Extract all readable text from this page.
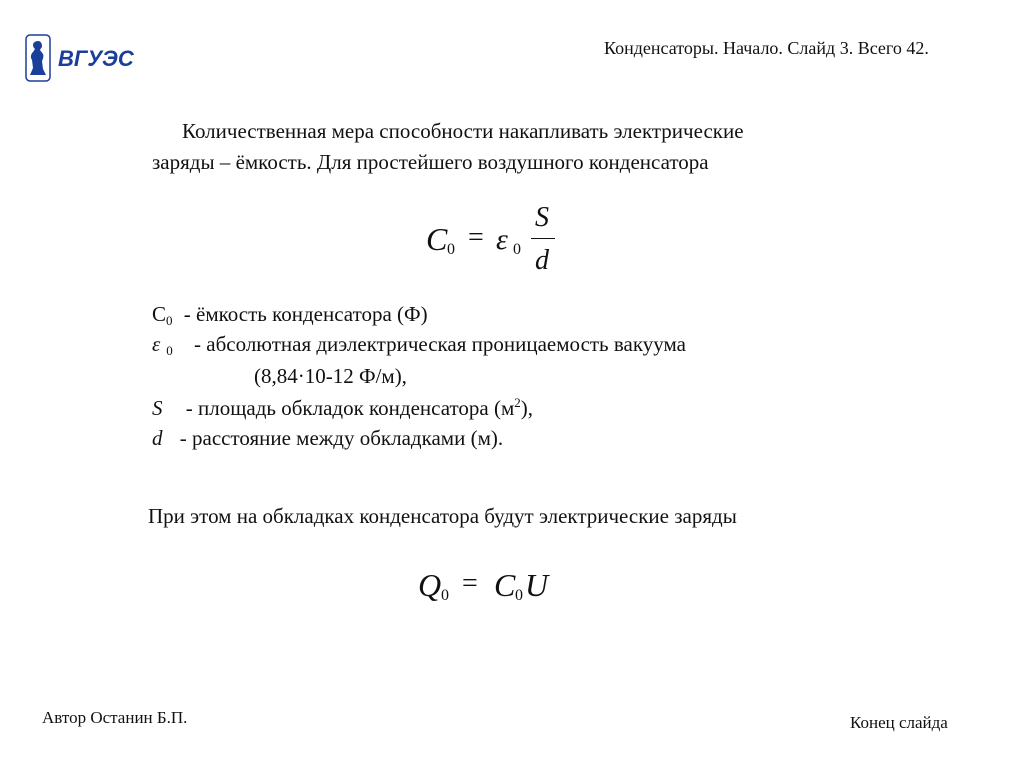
Конденсаторы. Начало. Слайд 3. Всего 42.
ВГУЭС
Количественная мера способности накапливать электрические
заряды – ёмкость. Для простейшего воздушного конденсатора
C 0 = ε 0
S
d
$C_0$ - ёмкость конденсатора (Ф)
ε $_0$ - абсолютная диэлектрическая проницаемость вакуума
(8,84·10-12 Ф/м),
S - площадь обкладок конденсатора $(м^2)$,
d - расстояние между обкладками (м).
При этом на обкладках конденсатора будут электрические заряды
Q 0 = C 0 U
Автор Останин Б.П.	Конец слайда
